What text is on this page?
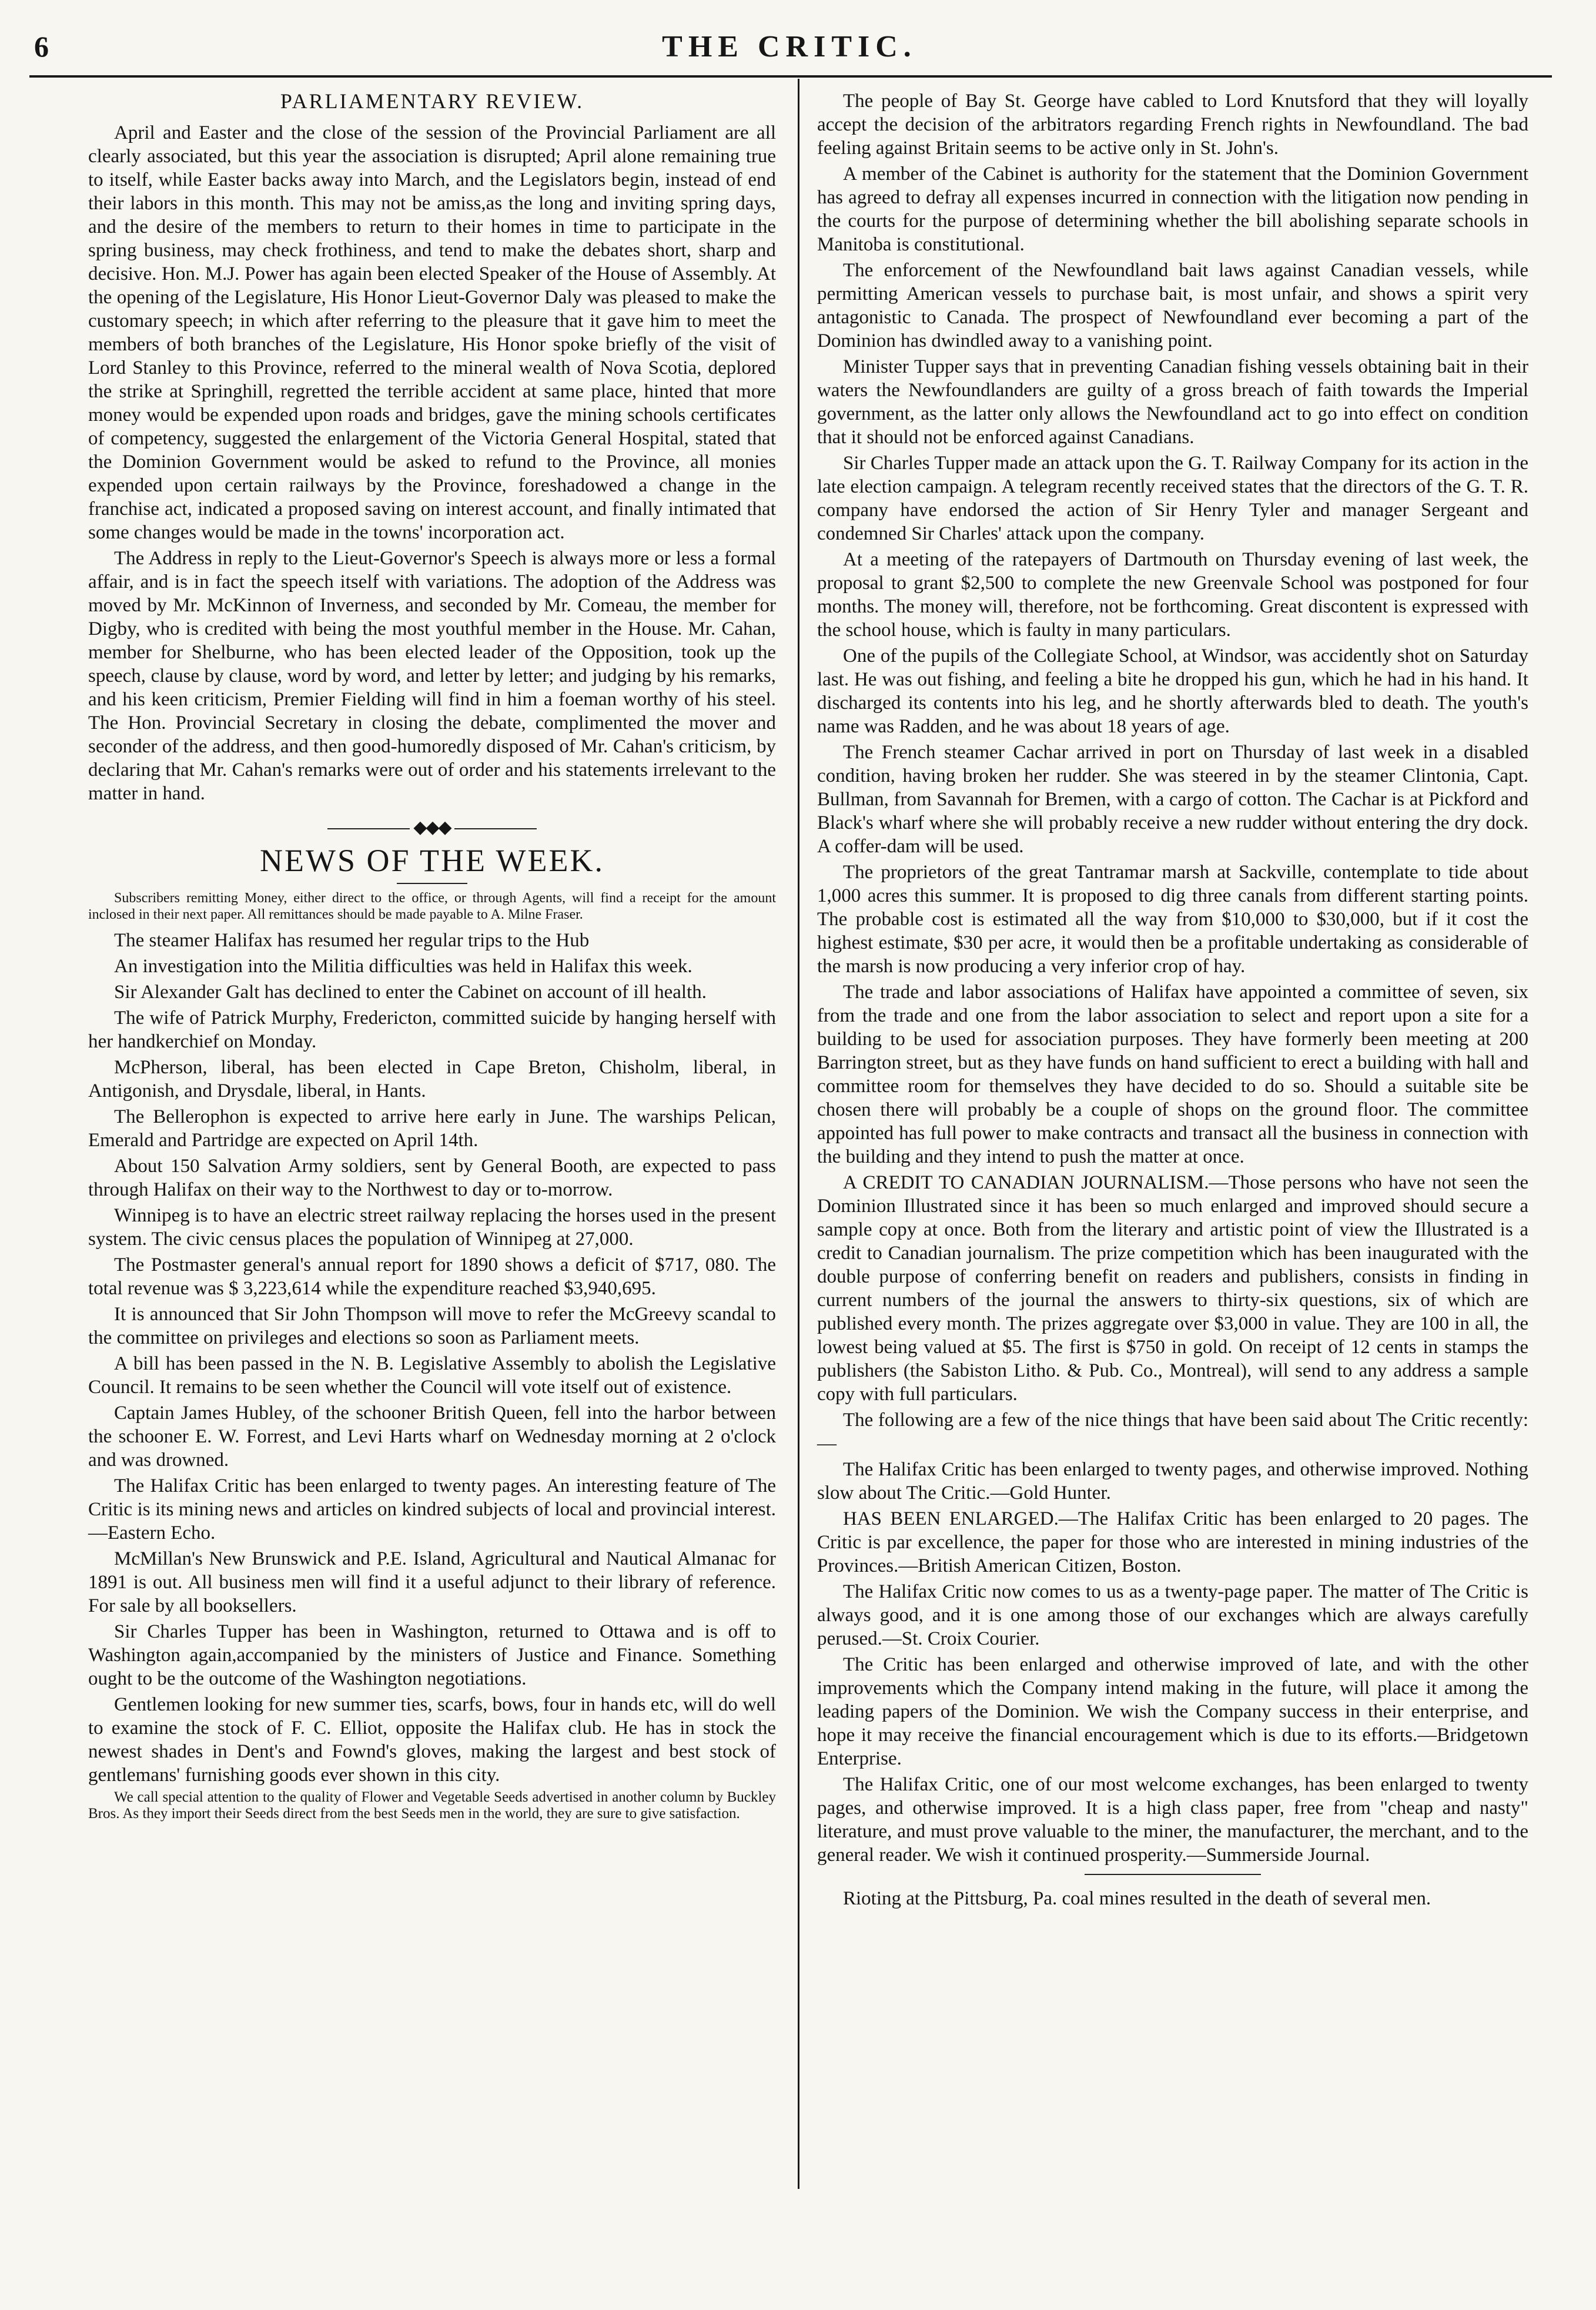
6	THE CRITIC.
PARLIAMENTARY REVIEW.

April and Easter and the close of the session of the Provincial Parliament are all clearly associated, but this year the association is disrupted; April alone remaining true to itself, while Easter backs away into March, and the Legislators begin, instead of end their labors in this month. This may not be amiss,as the long and inviting spring days, and the desire of the members to return to their homes in time to participate in the spring business, may check frothiness, and tend to make the debates short, sharp and decisive. Hon. M.J. Power has again been elected Speaker of the House of Assembly. At the opening of the Legislature, His Honor Lieut-Governor Daly was pleased to make the customary speech; in which after referring to the pleasure that it gave him to meet the members of both branches of the Legislature, His Honor spoke briefly of the visit of Lord Stanley to this Province, referred to the mineral wealth of Nova Scotia, deplored the strike at Springhill, regretted the terrible accident at same place, hinted that more money would be expended upon roads and bridges, gave the mining schools certificates of competency, suggested the enlargement of the Victoria General Hospital, stated that the Dominion Government would be asked to refund to the Province, all monies expended upon certain railways by the Province, foreshadowed a change in the franchise act, indicated a proposed saving on interest account, and finally intimated that some changes would be made in the towns' incorporation act.

The Address in reply to the Lieut-Governor's Speech is always more or less a formal affair, and is in fact the speech itself with variations. The adoption of the Address was moved by Mr. McKinnon of Inverness, and seconded by Mr. Comeau, the member for Digby, who is credited with being the most youthful member in the House. Mr. Cahan, member for Shelburne, who has been elected leader of the Opposition, took up the speech, clause by clause, word by word, and letter by letter; and judging by his remarks, and his keen criticism, Premier Fielding will find in him a foeman worthy of his steel. The Hon. Provincial Secretary in closing the debate, complimented the mover and seconder of the address, and then good-humoredly disposed of Mr. Cahan's criticism, by declaring that Mr. Cahan's remarks were out of order and his statements irrelevant to the matter in hand.

◆◆◆
NEWS OF THE WEEK.

Subscribers remitting Money, either direct to the office, or through Agents, will find a receipt for the amount inclosed in their next paper. All remittances should be made payable to A. Milne Fraser.

The steamer Halifax has resumed her regular trips to the Hub

An investigation into the Militia difficulties was held in Halifax this week.

Sir Alexander Galt has declined to enter the Cabinet on account of ill health.

The wife of Patrick Murphy, Fredericton, committed suicide by hanging herself with her handkerchief on Monday.

McPherson, liberal, has been elected in Cape Breton, Chisholm, liberal, in Antigonish, and Drysdale, liberal, in Hants.

The Bellerophon is expected to arrive here early in June. The warships Pelican, Emerald and Partridge are expected on April 14th.

About 150 Salvation Army soldiers, sent by General Booth, are expected to pass through Halifax on their way to the Northwest to day or to-morrow.

Winnipeg is to have an electric street railway replacing the horses used in the present system. The civic census places the population of Winnipeg at 27,000.

The Postmaster general's annual report for 1890 shows a deficit of $717, 080. The total revenue was $ 3,223,614 while the expenditure reached $3,940,695.

It is announced that Sir John Thompson will move to refer the McGreevy scandal to the committee on privileges and elections so soon as Parliament meets.

A bill has been passed in the N. B. Legislative Assembly to abolish the Legislative Council. It remains to be seen whether the Council will vote itself out of existence.

Captain James Hubley, of the schooner British Queen, fell into the harbor between the schooner E. W. Forrest, and Levi Harts wharf on Wednesday morning at 2 o'clock and was drowned.

The Halifax Critic has been enlarged to twenty pages. An interesting feature of The Critic is its mining news and articles on kindred subjects of local and provincial interest.—Eastern Echo.

McMillan's New Brunswick and P.E. Island, Agricultural and Nautical Almanac for 1891 is out. All business men will find it a useful adjunct to their library of reference. For sale by all booksellers.

Sir Charles Tupper has been in Washington, returned to Ottawa and is off to Washington again,accompanied by the ministers of Justice and Finance. Something ought to be the outcome of the Washington negotiations.

Gentlemen looking for new summer ties, scarfs, bows, four in hands etc, will do well to examine the stock of F. C. Elliot, opposite the Halifax club. He has in stock the newest shades in Dent's and Fownd's gloves, making the largest and best stock of gentlemans' furnishing goods ever shown in this city.

We call special attention to the quality of Flower and Vegetable Seeds advertised in another column by Buckley Bros. As they import their Seeds direct from the best Seeds men in the world, they are sure to give satisfaction.

The people of Bay St. George have cabled to Lord Knutsford that they will loyally accept the decision of the arbitrators regarding French rights in Newfoundland. The bad feeling against Britain seems to be active only in St. John's.

A member of the Cabinet is authority for the statement that the Dominion Government has agreed to defray all expenses incurred in connection with the litigation now pending in the courts for the purpose of determining whether the bill abolishing separate schools in Manitoba is constitutional.

The enforcement of the Newfoundland bait laws against Canadian vessels, while permitting American vessels to purchase bait, is most unfair, and shows a spirit very antagonistic to Canada. The prospect of Newfoundland ever becoming a part of the Dominion has dwindled away to a vanishing point.

Minister Tupper says that in preventing Canadian fishing vessels obtaining bait in their waters the Newfoundlanders are guilty of a gross breach of faith towards the Imperial government, as the latter only allows the Newfoundland act to go into effect on condition that it should not be enforced against Canadians.

Sir Charles Tupper made an attack upon the G. T. Railway Company for its action in the late election campaign. A telegram recently received states that the directors of the G. T. R. company have endorsed the action of Sir Henry Tyler and manager Sergeant and condemned Sir Charles' attack upon the company.

At a meeting of the ratepayers of Dartmouth on Thursday evening of last week, the proposal to grant $2,500 to complete the new Greenvale School was postponed for four months. The money will, therefore, not be forthcoming. Great discontent is expressed with the school house, which is faulty in many particulars.

One of the pupils of the Collegiate School, at Windsor, was accidently shot on Saturday last. He was out fishing, and feeling a bite he dropped his gun, which he had in his hand. It discharged its contents into his leg, and he shortly afterwards bled to death. The youth's name was Radden, and he was about 18 years of age.

The French steamer Cachar arrived in port on Thursday of last week in a disabled condition, having broken her rudder. She was steered in by the steamer Clintonia, Capt. Bullman, from Savannah for Bremen, with a cargo of cotton. The Cachar is at Pickford and Black's wharf where she will probably receive a new rudder without entering the dry dock. A coffer-dam will be used.

The proprietors of the great Tantramar marsh at Sackville, contemplate to tide about 1,000 acres this summer. It is proposed to dig three canals from different starting points. The probable cost is estimated all the way from $10,000 to $30,000, but if it cost the highest estimate, $30 per acre, it would then be a profitable undertaking as considerable of the marsh is now producing a very inferior crop of hay.

The trade and labor associations of Halifax have appointed a committee of seven, six from the trade and one from the labor association to select and report upon a site for a building to be used for association purposes. They have formerly been meeting at 200 Barrington street, but as they have funds on hand sufficient to erect a building with hall and committee room for themselves they have decided to do so. Should a suitable site be chosen there will probably be a couple of shops on the ground floor. The committee appointed has full power to make contracts and transact all the business in connection with the building and they intend to push the matter at once.

A CREDIT TO CANADIAN JOURNALISM.—Those persons who have not seen the Dominion Illustrated since it has been so much enlarged and improved should secure a sample copy at once. Both from the literary and artistic point of view the Illustrated is a credit to Canadian journalism. The prize competition which has been inaugurated with the double purpose of conferring benefit on readers and publishers, consists in finding in current numbers of the journal the answers to thirty-six questions, six of which are published every month. The prizes aggregate over $3,000 in value. They are 100 in all, the lowest being valued at $5. The first is $750 in gold. On receipt of 12 cents in stamps the publishers (the Sabiston Litho. & Pub. Co., Montreal), will send to any address a sample copy with full particulars.

The following are a few of the nice things that have been said about The Critic recently:—

The Halifax Critic has been enlarged to twenty pages, and otherwise improved. Nothing slow about The Critic.—Gold Hunter.

HAS BEEN ENLARGED.—The Halifax Critic has been enlarged to 20 pages. The Critic is par excellence, the paper for those who are interested in mining industries of the Provinces.—British American Citizen, Boston.

The Halifax Critic now comes to us as a twenty-page paper. The matter of The Critic is always good, and it is one among those of our exchanges which are always carefully perused.—St. Croix Courier.

The Critic has been enlarged and otherwise improved of late, and with the other improvements which the Company intend making in the future, will place it among the leading papers of the Dominion. We wish the Company success in their enterprise, and hope it may receive the financial encouragement which is due to its efforts.—Bridgetown Enterprise.

The Halifax Critic, one of our most welcome exchanges, has been enlarged to twenty pages, and otherwise improved. It is a high class paper, free from "cheap and nasty" literature, and must prove valuable to the miner, the manufacturer, the merchant, and to the general reader. We wish it continued prosperity.—Summerside Journal.

Rioting at the Pittsburg, Pa. coal mines resulted in the death of several men.
